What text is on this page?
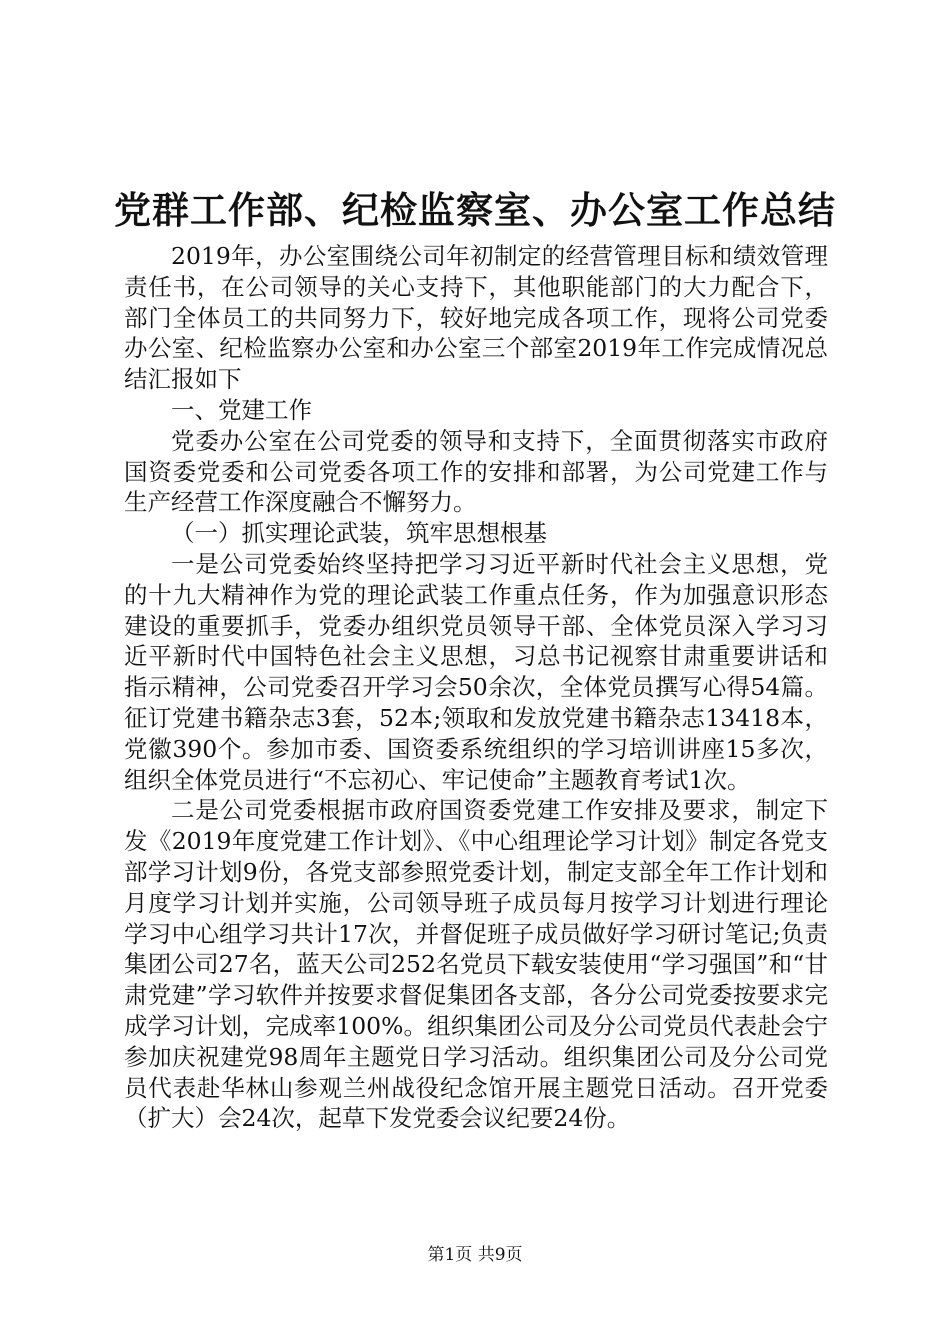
党群工作部、纪检监察室、办公室工作总结

2019年，办公室围绕公司年初制定的经营管理目标和绩效管理责任书，在公司领导的关心支持下，其他职能部门的大力配合下，部门全体员工的共同努力下，较好地完成各项工作，现将公司党委办公室、纪检监察办公室和办公室三个部室2019年工作完成情况总结汇报如下

一、党建工作

党委办公室在公司党委的领导和支持下，全面贯彻落实市政府国资委党委和公司党委各项工作的安排和部署，为公司党建工作与生产经营工作深度融合不懈努力。

（一）抓实理论武装，筑牢思想根基

一是公司党委始终坚持把学习习近平新时代社会主义思想，党的十九大精神作为党的理论武装工作重点任务，作为加强意识形态建设的重要抓手，党委办组织党员领导干部、全体党员深入学习习近平新时代中国特色社会主义思想，习总书记视察甘肃重要讲话和指示精神，公司党委召开学习会50余次，全体党员撰写心得54篇。征订党建书籍杂志3套，52本;领取和发放党建书籍杂志13418本，党徽390个。参加市委、国资委系统组织的学习培训讲座15多次，组织全体党员进行“不忘初心、牢记使命”主题教育考试1次。

二是公司党委根据市政府国资委党建工作安排及要求，制定下发《2019年度党建工作计划》、《中心组理论学习计划》制定各党支部学习计划9份，各党支部参照党委计划，制定支部全年工作计划和月度学习计划并实施，公司领导班子成员每月按学习计划进行理论学习中心组学习共计17次，并督促班子成员做好学习研讨笔记;负责集团公司27名，蓝天公司252名党员下载安装使用“学习强国”和“甘肃党建”学习软件并按要求督促集团各支部，各分公司党委按要求完成学习计划，完成率100%。组织集团公司及分公司党员代表赴会宁参加庆祝建党98周年主题党日学习活动。组织集团公司及分公司党员代表赴华林山参观兰州战役纪念馆开展主题党日活动。召开党委（扩大）会24次，起草下发党委会议纪要24份。

第1页 共9页
